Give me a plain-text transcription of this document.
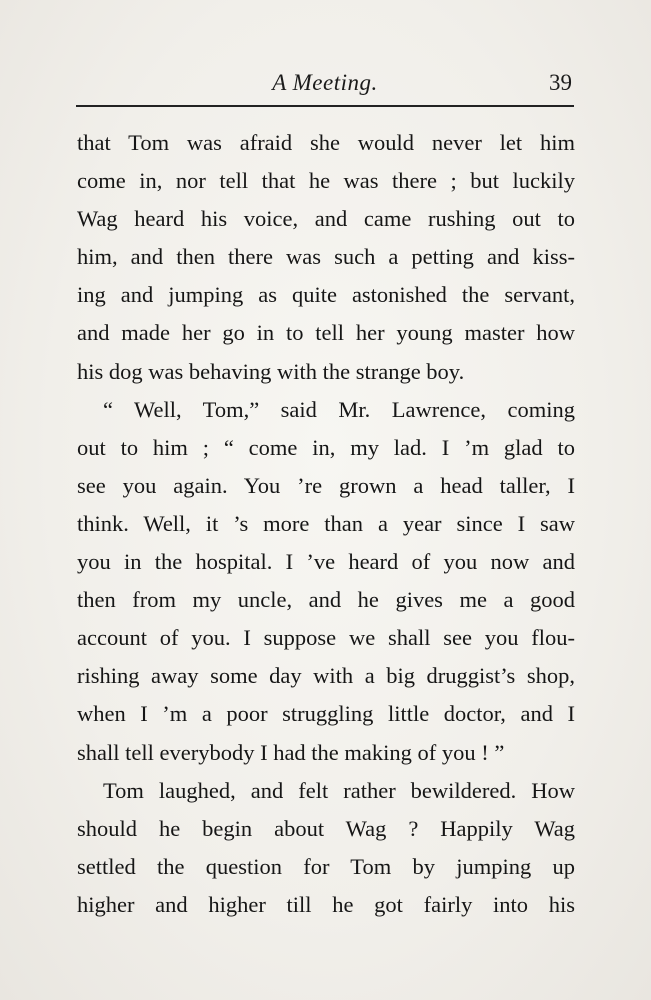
A Meeting.	39
that Tom was afraid she would never let him
come in, nor tell that he was there ; but luckily
Wag heard his voice, and came rushing out to
him, and then there was such a petting and kiss-
ing and jumping as quite astonished the servant,
and made her go in to tell her young master how
his dog was behaving with the strange boy.
“ Well, Tom,” said Mr. Lawrence, coming
out to him ; “ come in, my lad. I ’m glad to
see you again. You ’re grown a head taller, I
think. Well, it ’s more than a year since I saw
you in the hospital. I ’ve heard of you now and
then from my uncle, and he gives me a good
account of you. I suppose we shall see you flou-
rishing away some day with a big druggist’s shop,
when I ’m a poor struggling little doctor, and I
shall tell everybody I had the making of you ! ”
Tom laughed, and felt rather bewildered. How
should he begin about Wag ? Happily Wag
settled the question for Tom by jumping up
higher and higher till he got fairly into his
